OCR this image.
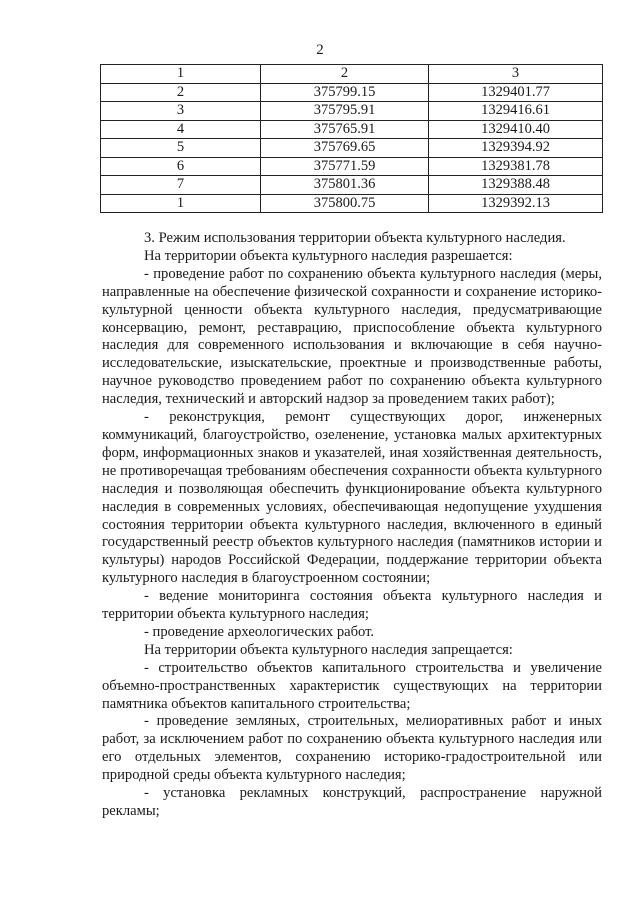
2
1	2	3
2	375799.15	1329401.77
3	375795.91	1329416.61
4	375765.91	1329410.40
5	375769.65	1329394.92
6	375771.59	1329381.78
7	375801.36	1329388.48
1	375800.75	1329392.13

3. Режим использования территории объекта культурного наследия.

На территории объекта культурного наследия разрешается:

- проведение работ по сохранению объекта культурного наследия (меры, направленные на обеспечение физической сохранности и сохранение историко-культурной ценности объекта культурного наследия, предусматривающие консервацию, ремонт, реставрацию, приспособление объекта культурного наследия для современного использования и включающие в себя научно-исследовательские, изыскательские, проектные и производственные работы, научное руководство проведением работ по сохранению объекта культурного наследия, технический и авторский надзор за проведением таких работ);

- реконструкция, ремонт существующих дорог, инженерных коммуникаций, благоустройство, озеленение, установка малых архитектурных форм, информационных знаков и указателей, иная хозяйственная деятельность, не противоречащая требованиям обеспечения сохранности объекта культурного наследия и позволяющая обеспечить функционирование объекта культурного наследия в современных условиях, обеспечивающая недопущение ухудшения состояния территории объекта культурного наследия, включенного в единый государственный реестр объектов культурного наследия (памятников истории и культуры) народов Российской Федерации, поддержание территории объекта культурного наследия в благоустроенном состоянии;

- ведение мониторинга состояния объекта культурного наследия и территории объекта культурного наследия;

- проведение археологических работ.

На территории объекта культурного наследия запрещается:

- строительство объектов капитального строительства и увеличение объемно-пространственных характеристик существующих на территории памятника объектов капитального строительства;

- проведение земляных, строительных, мелиоративных работ и иных работ, за исключением работ по сохранению объекта культурного наследия или его отдельных элементов, сохранению историко-градостроительной или природной среды объекта культурного наследия;

- установка рекламных конструкций, распространение наружной рекламы;
